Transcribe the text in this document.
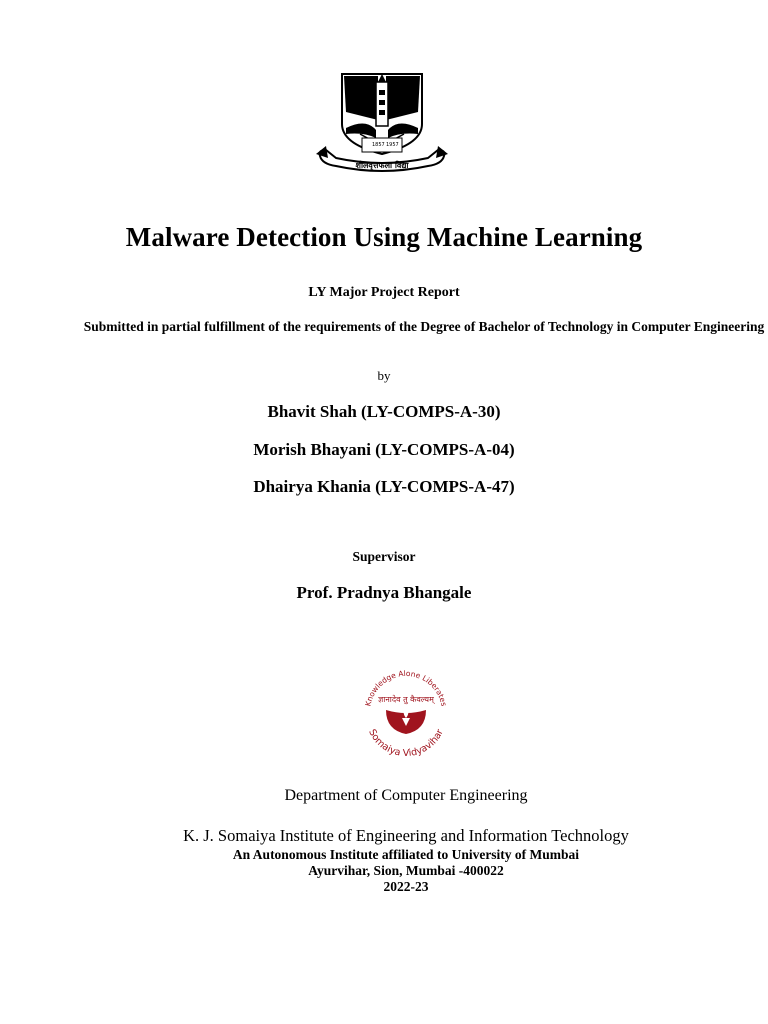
1857 1957
शीलवृत्तफला विद्या
Malware Detection Using Machine Learning
LY Major Project Report
Submitted in partial fulfillment of the requirements of the Degree of Bachelor of Technology in Computer Engineering
by
Bhavit Shah (LY-COMPS-A-30)
Morish Bhayani (LY-COMPS-A-04)
Dhairya Khania (LY-COMPS-A-47)
Supervisor
Prof. Pradnya Bhangale
Knowledge Alone Liberates
ज्ञानादेव तु कैवल्यम्
Somaiya Vidyavihar
Department of Computer Engineering
K. J. Somaiya Institute of Engineering and Information Technology
An Autonomous Institute affiliated to University of Mumbai
Ayurvihar, Sion, Mumbai -400022
2022-23
